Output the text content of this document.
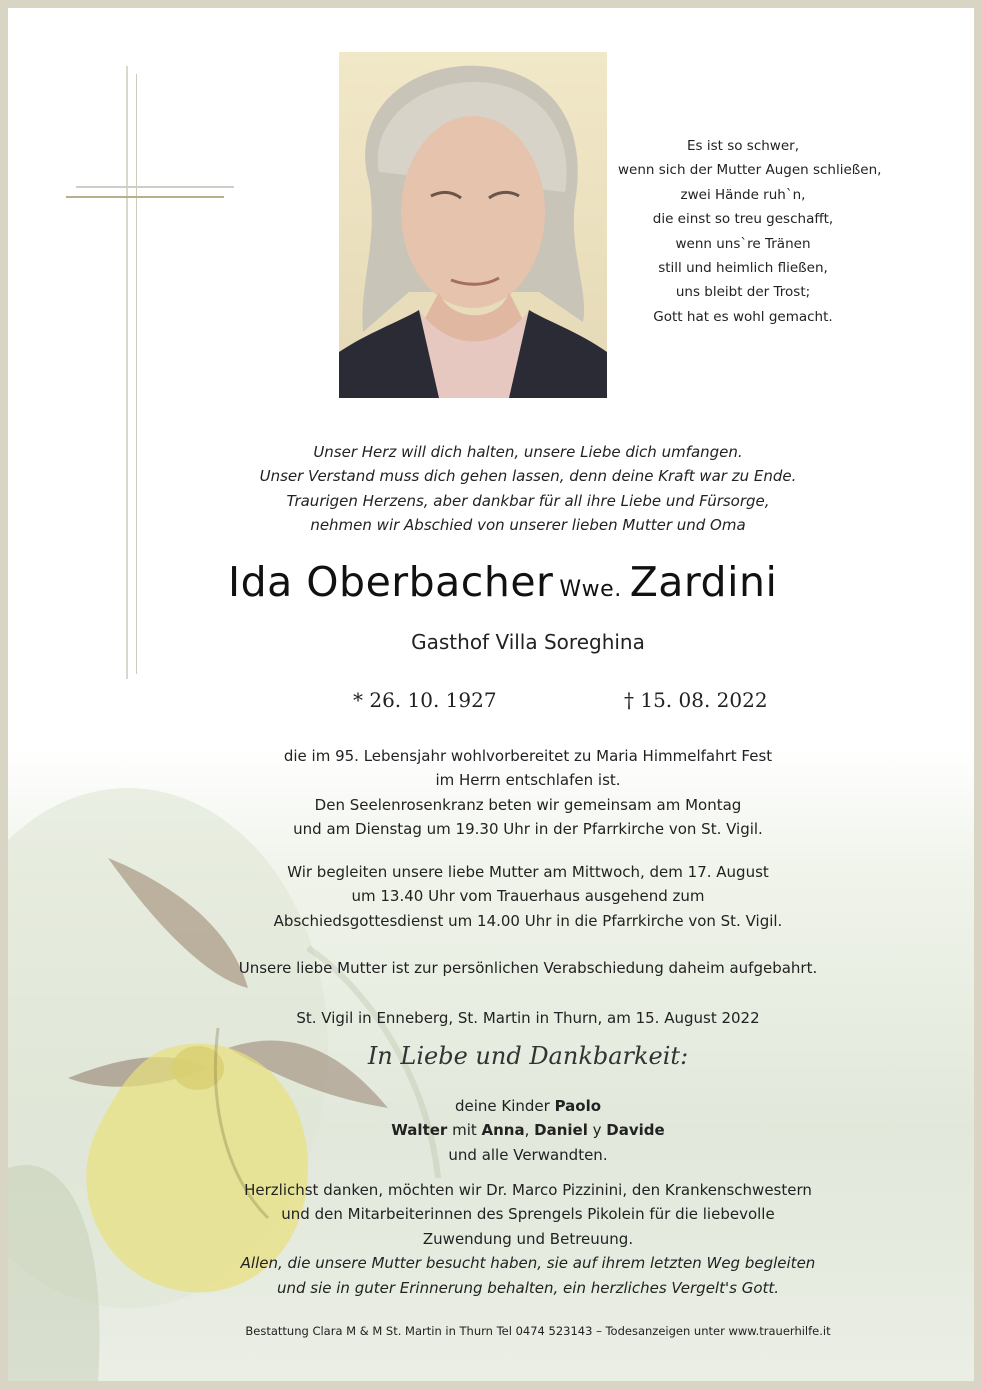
Es ist so schwer,
wenn sich der Mutter Augen schließen,
zwei Hände ruh`n,
die einst so treu geschafft,
wenn uns`re Tränen
still und heimlich fließen,
uns bleibt der Trost;
Gott hat es wohl gemacht.
Unser Herz will dich halten, unsere Liebe dich umfangen.
Unser Verstand muss dich gehen lassen, denn deine Kraft war zu Ende.
Traurigen Herzens, aber dankbar für all ihre Liebe und Fürsorge,
nehmen wir Abschied von unserer lieben Mutter und Oma
Ida Oberbacher Wwe. Zardini
Gasthof Villa Soreghina
* 26. 10. 1927	† 15. 08. 2022
die im 95. Lebensjahr wohlvorbereitet zu Maria Himmelfahrt Fest
im Herrn entschlafen ist.
Den Seelenrosenkranz beten wir gemeinsam am Montag
und am Dienstag um 19.30 Uhr in der Pfarrkirche von St. Vigil.
Wir begleiten unsere liebe Mutter am Mittwoch, dem 17. August
um 13.40 Uhr vom Trauerhaus ausgehend zum
Abschiedsgottesdienst um 14.00 Uhr in die Pfarrkirche von St. Vigil.
Unsere liebe Mutter ist zur persönlichen Verabschiedung daheim aufgebahrt.
St. Vigil in Enneberg, St. Martin in Thurn, am 15. August 2022
In Liebe und Dankbarkeit:
deine Kinder Paolo
Walter mit Anna, Daniel y Davide
und alle Verwandten.
Herzlichst danken, möchten wir Dr. Marco Pizzinini, den Krankenschwestern
und den Mitarbeiterinnen des Sprengels Pikolein für die liebevolle
Zuwendung und Betreuung.
Allen, die unsere Mutter besucht haben, sie auf ihrem letzten Weg begleiten
und sie in guter Erinnerung behalten, ein herzliches Vergelt's Gott.
Bestattung Clara M & M St. Martin in Thurn Tel 0474 523143 – Todesanzeigen unter www.trauerhilfe.it
